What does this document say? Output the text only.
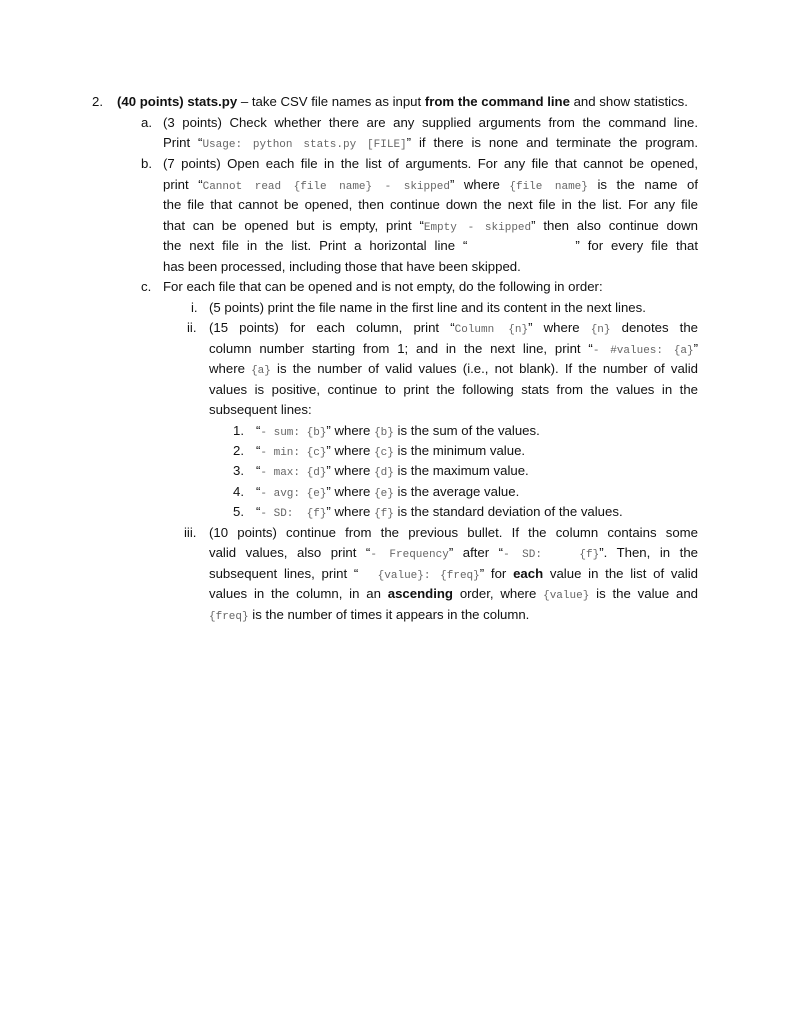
2. (40 points) stats.py – take CSV file names as input from the command line and show statistics.
a. (3 points) Check whether there are any supplied arguments from the command line.
Print “Usage: python stats.py [FILE]” if there is none and terminate the program.
b. (7 points) Open each file in the list of arguments. For any file that cannot be opened,
print “Cannot read {file name} - skipped” where {file name} is the name of
the file that cannot be opened, then continue down the next file in the list. For any file
that can be opened but is empty, print “Empty - skipped” then also continue down
the next file in the list. Print a horizontal line “	” for every file that
has been processed, including those that have been skipped.
c. For each file that can be opened and is not empty, do the following in order:
i. (5 points) print the file name in the first line and its content in the next lines.
ii. (15 points) for each column, print “Column {n}” where {n} denotes the
column number starting from 1; and in the next line, print “- #values: {a}”
where {a} is the number of valid values (i.e., not blank). If the number of valid
values is positive, continue to print the following stats from the values in the
subsequent lines:
1. “- sum: {b}” where {b} is the sum of the values.
2. “- min: {c}” where {c} is the minimum value.
3. “- max: {d}” where {d} is the maximum value.
4. “- avg: {e}” where {e} is the average value.
5. “- SD:  {f}” where {f} is the standard deviation of the values.
iii. (10 points) continue from the previous bullet. If the column contains some
valid values, also print “- Frequency” after “- SD:   {f}”. Then, in the
subsequent lines, print “  {value}: {freq}” for each value in the list of valid
values in the column, in an ascending order, where {value} is the value and
{freq} is the number of times it appears in the column.
